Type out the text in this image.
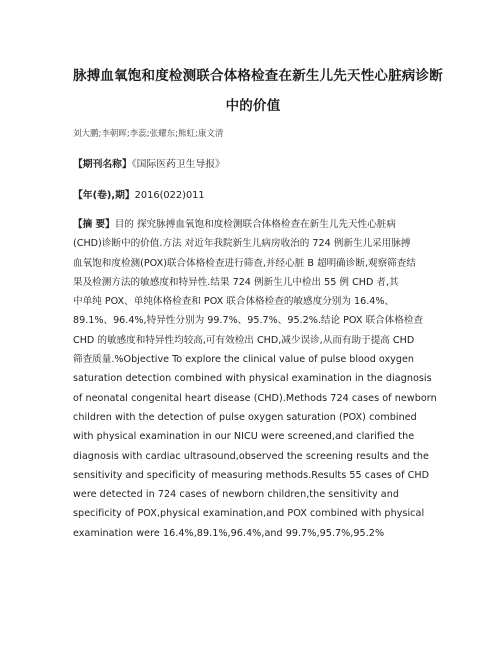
脉搏血氧饱和度检测联合体格检查在新生儿先天性心脏病诊断
中的价值
刘大鹏;李朝晖;李蕊;张耀东;熊虹;康文清
【期刊名称】《国际医药卫生导报》
【年(卷),期】2016(022)011
【摘 要】目的 探究脉搏血氧饱和度检测联合体格检查在新生儿先天性心脏病
(CHD)诊断中的价值.方法 对近年我院新生儿病房收治的 724 例新生儿采用脉搏
血氧饱和度检测(POX)联合体格检查进行筛查,并经心脏 B 超明确诊断,观察筛查结
果及检测方法的敏感度和特异性.结果 724 例新生儿中检出 55 例 CHD 者,其
中单纯 POX、单纯体格检查和 POX 联合体格检查的敏感度分别为 16.4%、
89.1%、96.4%,特异性分别为 99.7%、95.7%、95.2%.结论 POX 联合体格检查
CHD 的敏感度和特异性均较高,可有效检出 CHD,减少误诊,从而有助于提高 CHD
筛查质量.%Objective To explore the clinical value of pulse blood oxygen
saturation detection combined with physical examination in the diagnosis
of neonatal congenital heart disease (CHD).Methods 724 cases of newborn
children with the detection of pulse oxygen saturation (POX) combined
with physical examination in our NICU were screened,and clarified the
diagnosis with cardiac ultrasound,observed the screening results and the
sensitivity and specificity of measuring methods.Results 55 cases of CHD
were detected in 724 cases of newborn children,the sensitivity and
specificity of POX,physical examination,and POX combined with physical
examination were 16.4%,89.1%,96.4%,and 99.7%,95.7%,95.2%
